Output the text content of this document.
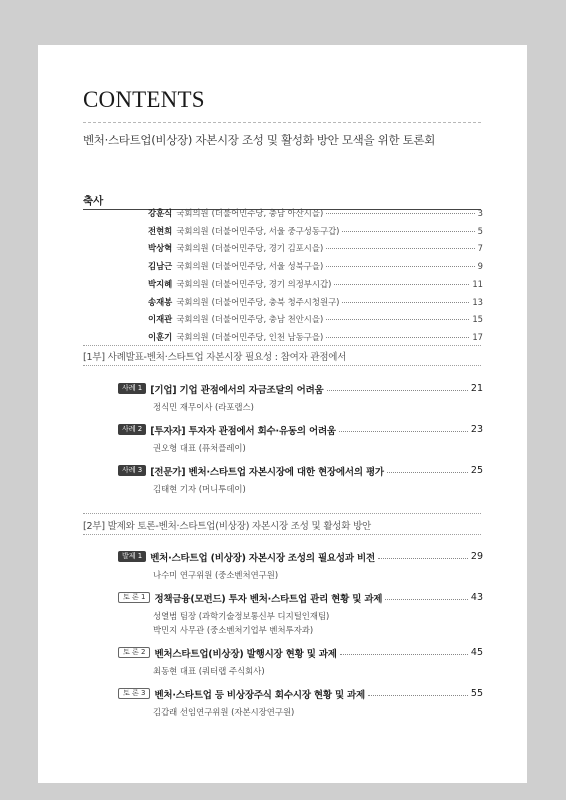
CONTENTS
벤처·스타트업(비상장) 자본시장 조성 및 활성화 방안 모색을 위한 토론회
축사
강훈식 국회의원 (더불어민주당, 충남 아산시을)	3
전현희 국회의원 (더불어민주당, 서울 중구성동구갑)	5
박상혁 국회의원 (더불어민주당, 경기 김포시을)	7
김남근 국회의원 (더불어민주당, 서울 성북구을)	9
박지혜 국회의원 (더불어민주당, 경기 의정부시갑)	11
송재봉 국회의원 (더불어민주당, 충북 청주시청원구)	13
이재관 국회의원 (더불어민주당, 충남 천안시을)	15
이훈기 국회의원 (더불어민주당, 인천 남동구을)	17
[1부] 사례발표-벤처·스타트업 자본시장 필요성 : 참여자 관점에서
사례 1 [기업] 기업 관점에서의 자금조달의 어려움	21
정식민 재무이사 (라포랩스)
사례 2 [투자자] 투자자 관점에서 회수·유동의 어려움	23
권오형 대표 (퓨처플레이)
사례 3 [전문가] 벤처·스타트업 자본시장에 대한 현장에서의 평가	25
김태현 기자 (머니투데이)
[2부] 발제와 토론-벤처·스타트업(비상장) 자본시장 조성 및 활성화 방안
발제 1 벤처·스타트업 (비상장) 자본시장 조성의 필요성과 비전	29
나수미 연구위원 (중소벤처연구원)
토 론 1 정책금융(모펀드) 투자 벤처·스타트업 관리 현황 및 과제	43
성열범 팀장 (과학기술정보통신부 디지털인재팀)
박민지 사무관 (중소벤처기업부 벤처투자과)
토 론 2 벤처스타트업(비상장) 발행시장 현황 및 과제	45
최동현 대표 (쿼터랩 주식회사)
토 론 3 벤처·스타트업 등 비상장주식 회수시장 현황 및 과제	55
김갑래 선임연구위원 (자본시장연구원)
